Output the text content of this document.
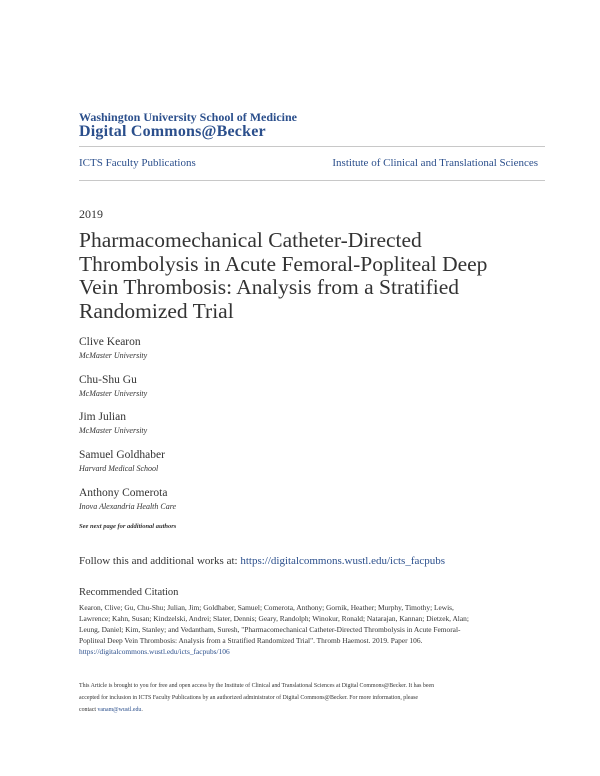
Washington University School of Medicine
Digital Commons@Becker
ICTS Faculty Publications	Institute of Clinical and Translational Sciences
2019
Pharmacomechanical Catheter-Directed
Thrombolysis in Acute Femoral-Popliteal Deep
Vein Thrombosis: Analysis from a Stratified
Randomized Trial
Clive Kearon
McMaster University
Chu-Shu Gu
McMaster University
Jim Julian
McMaster University
Samuel Goldhaber
Harvard Medical School
Anthony Comerota
Inova Alexandria Health Care
See next page for additional authors
Follow this and additional works at: https://digitalcommons.wustl.edu/icts_facpubs
Recommended Citation
Kearon, Clive; Gu, Chu-Shu; Julian, Jim; Goldhaber, Samuel; Comerota, Anthony; Gornik, Heather; Murphy, Timothy; Lewis,
Lawrence; Kahn, Susan; Kindzelski, Andrei; Slater, Dennis; Geary, Randolph; Winokur, Ronald; Natarajan, Kannan; Dietzek, Alan;
Leung, Daniel; Kim, Stanley; and Vedantham, Suresh, "Pharmacomechanical Catheter-Directed Thrombolysis in Acute Femoral-
Popliteal Deep Vein Thrombosis: Analysis from a Stratified Randomized Trial". Thromb Haemost. 2019. Paper 106.
https://digitalcommons.wustl.edu/icts_facpubs/106
This Article is brought to you for free and open access by the Institute of Clinical and Translational Sciences at Digital Commons@Becker. It has been
accepted for inclusion in ICTS Faculty Publications by an authorized administrator of Digital Commons@Becker. For more information, please
contact vanam@wustl.edu.
